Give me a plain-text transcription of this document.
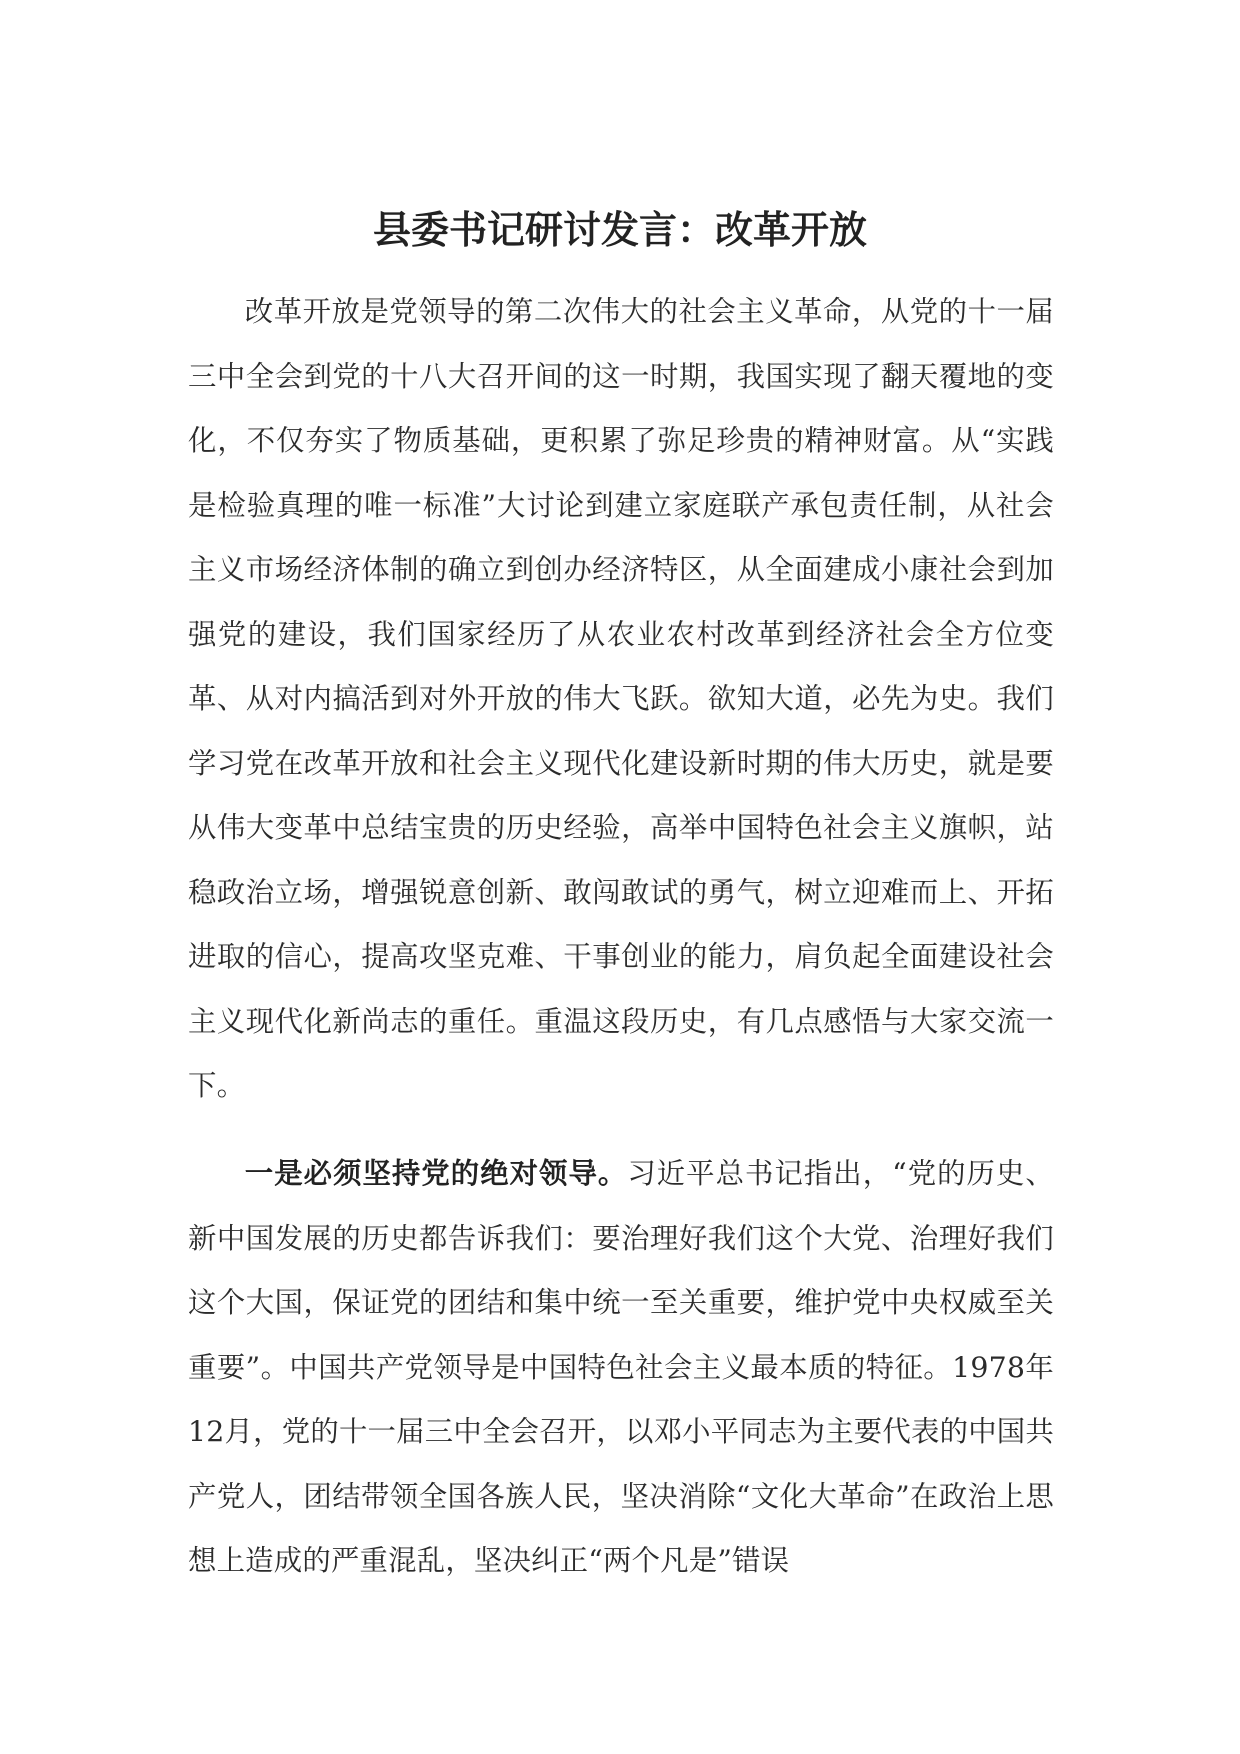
县委书记研讨发言：改革开放

改革开放是党领导的第二次伟大的社会主义革命，从党的十一届三中全会到党的十八大召开间的这一时期，我国实现了翻天覆地的变化，不仅夯实了物质基础，更积累了弥足珍贵的精神财富。从“实践是检验真理的唯一标准”大讨论到建立家庭联产承包责任制，从社会主义市场经济体制的确立到创办经济特区，从全面建成小康社会到加强党的建设，我们国家经历了从农业农村改革到经济社会全方位变革、从对内搞活到对外开放的伟大飞跃。欲知大道，必先为史。我们学习党在改革开放和社会主义现代化建设新时期的伟大历史，就是要从伟大变革中总结宝贵的历史经验，高举中国特色社会主义旗帜，站稳政治立场，增强锐意创新、敢闯敢试的勇气，树立迎难而上、开拓进取的信心，提高攻坚克难、干事创业的能力，肩负起全面建设社会主义现代化新尚志的重任。重温这段历史，有几点感悟与大家交流一下。

一是必须坚持党的绝对领导。习近平总书记指出，“党的历史、新中国发展的历史都告诉我们：要治理好我们这个大党、治理好我们这个大国，保证党的团结和集中统一至关重要，维护党中央权威至关重要”。中国共产党领导是中国特色社会主义最本质的特征。1978年12月，党的十一届三中全会召开，以邓小平同志为主要代表的中国共产党人，团结带领全国各族人民，坚决消除“文化大革命”在政治上思想上造成的严重混乱，坚决纠正“两个凡是”错误
